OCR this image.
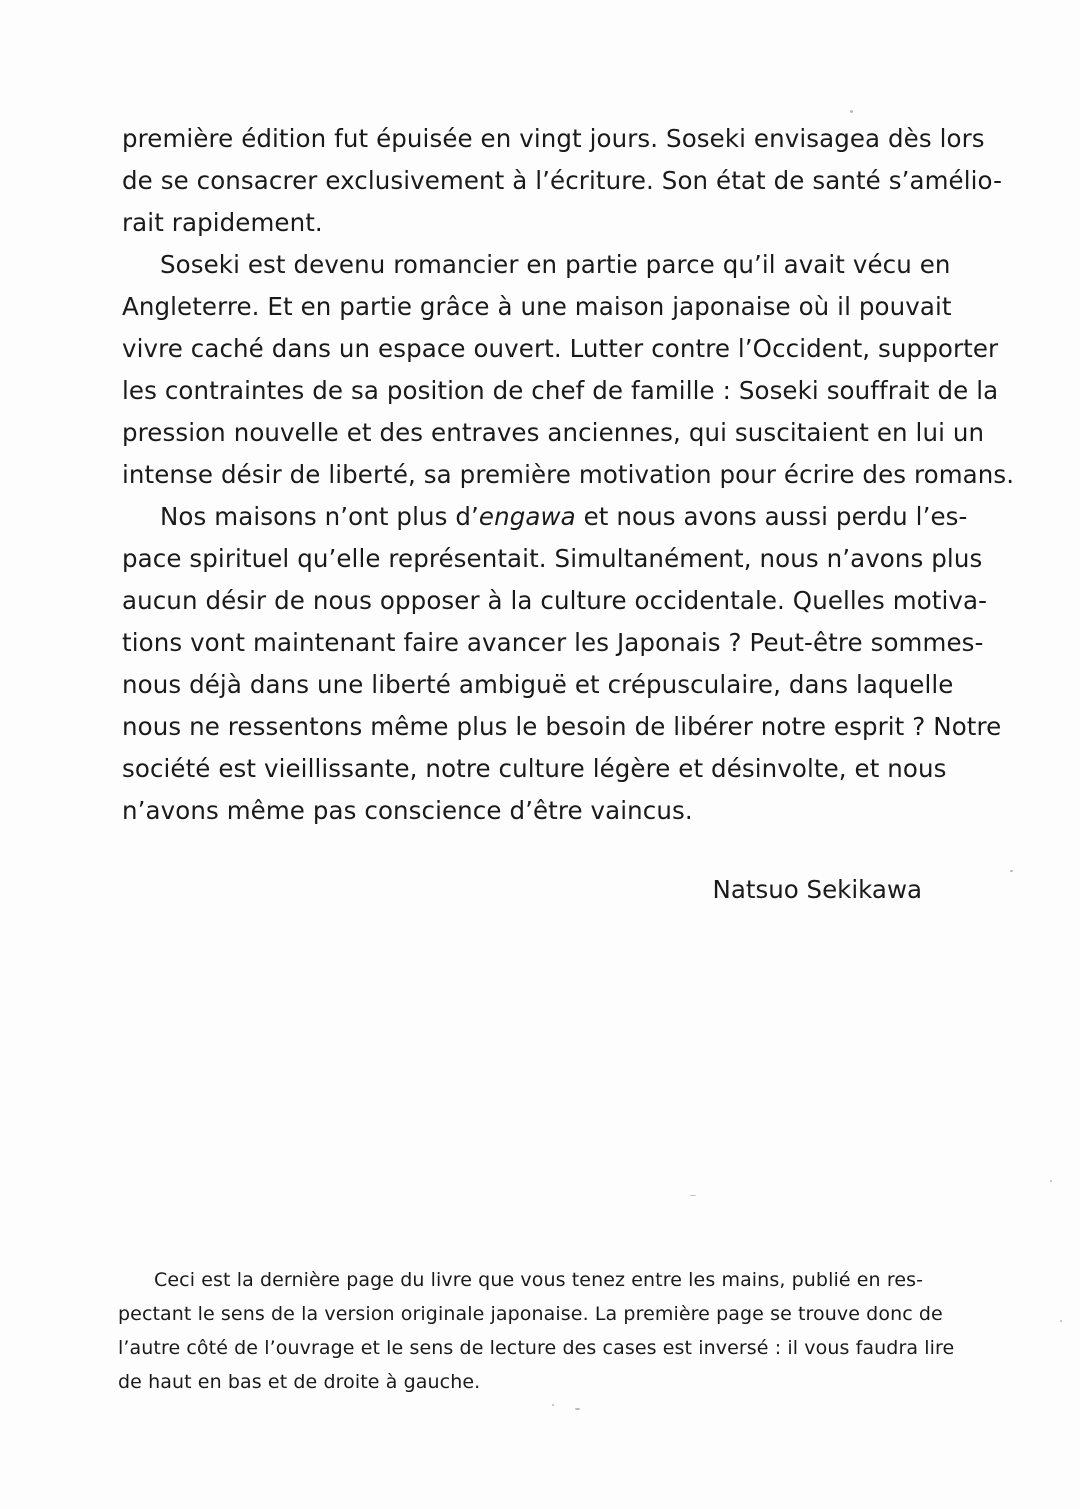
première édition fut épuisée en vingt jours. Soseki envisagea dès lors
de se consacrer exclusivement à l’écriture. Son état de santé s’amélio-
rait rapidement.
Soseki est devenu romancier en partie parce qu’il avait vécu en
Angleterre. Et en partie grâce à une maison japonaise où il pouvait
vivre caché dans un espace ouvert. Lutter contre l’Occident, supporter
les contraintes de sa position de chef de famille : Soseki souffrait de la
pression nouvelle et des entraves anciennes, qui suscitaient en lui un
intense désir de liberté, sa première motivation pour écrire des romans.
Nos maisons n’ont plus d’engawa et nous avons aussi perdu l’es-
pace spirituel qu’elle représentait. Simultanément, nous n’avons plus
aucun désir de nous opposer à la culture occidentale. Quelles motiva-
tions vont maintenant faire avancer les Japonais ? Peut-être sommes-
nous déjà dans une liberté ambiguë et crépusculaire, dans laquelle
nous ne ressentons même plus le besoin de libérer notre esprit ? Notre
société est vieillissante, notre culture légère et désinvolte, et nous
n’avons même pas conscience d’être vaincus.
Natsuo Sekikawa
Ceci est la dernière page du livre que vous tenez entre les mains, publié en res-
pectant le sens de la version originale japonaise. La première page se trouve donc de
l’autre côté de l’ouvrage et le sens de lecture des cases est inversé : il vous faudra lire
de haut en bas et de droite à gauche.
